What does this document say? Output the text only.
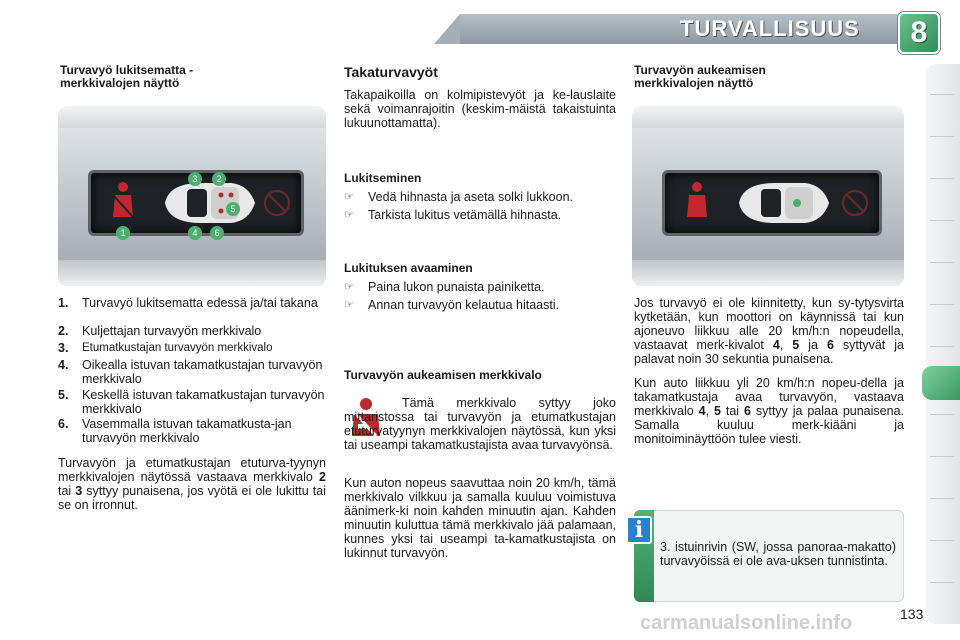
TURVALLISUUS	8
Turvavyö lukitsematta - merkkivalojen näyttö
3	2
1	4
5
6
1. Turvavyö lukitsematta edessä ja/tai takana
2. Kuljettajan turvavyön merkkivalo
3. Etumatkustajan turvavyön merkkivalo
4. Oikealla istuvan takamatkustajan turvavyön merkkivalo
5. Keskellä istuvan takamatkustajan turvavyön merkkivalo
6. Vasemmalla istuvan takamatkusta-jan turvavyön merkkivalo
Turvavyön ja etumatkustajan etuturva-tyynyn merkkivalojen näytössä vastaava merkkivalo 2 tai 3 syttyy punaisena, jos vyötä ei ole lukittu tai se on irronnut.
Takaturvavyöt
Takapaikoilla on kolmipistevyöt ja ke-lauslaite sekä voimanrajoitin (keskim-mäistä takaistuinta lukuunottamatta).
Lukitseminen
☞ Vedä hihnasta ja aseta solki lukkoon.
☞ Tarkista lukitus vetämällä hihnasta.
Lukituksen avaaminen
☞ Paina lukon punaista painiketta.
☞ Annan turvavyön kelautua hitaasti.
Turvavyön aukeamisen merkkivalo
Tämä merkkivalo syttyy joko mittaristossa tai turvavyön ja etumatkustajan etuturvatyynyn merkkivalojen näytössä, kun yksi tai useampi takamatkustajista avaa turvavyönsä.
Kun auton nopeus saavuttaa noin 20 km/h, tämä merkkivalo vilkkuu ja samalla kuuluu voimistuva äänimerk-ki noin kahden minuutin ajan. Kahden minuutin kuluttua tämä merkkivalo jää palamaan, kunnes yksi tai useampi ta-kamatkustajista on lukinnut turvavyön.
Turvavyön aukeamisen merkkivalojen näyttö
Jos turvavyö ei ole kiinnitetty, kun sy-tytysvirta kytketään, kun moottori on käynnissä tai kun ajoneuvo liikkuu alle 20 km/h:n nopeudella, vastaavat merk-kivalot 4, 5 ja 6 syttyvät ja palavat noin 30 sekuntia punaisena.
Kun auto liikkuu yli 20 km/h:n nopeu-della ja takamatkustaja avaa turvavyön, vastaava merkkivalo 4, 5 tai 6 syttyy ja palaa punaisena. Samalla kuuluu merk-kiääni ja monitoiminäyttöön tulee viesti.
i
3. istuinrivin (SW, jossa panoraa-makatto) turvavyöissä ei ole ava-uksen tunnistinta.
carmanualsonline.info	133
